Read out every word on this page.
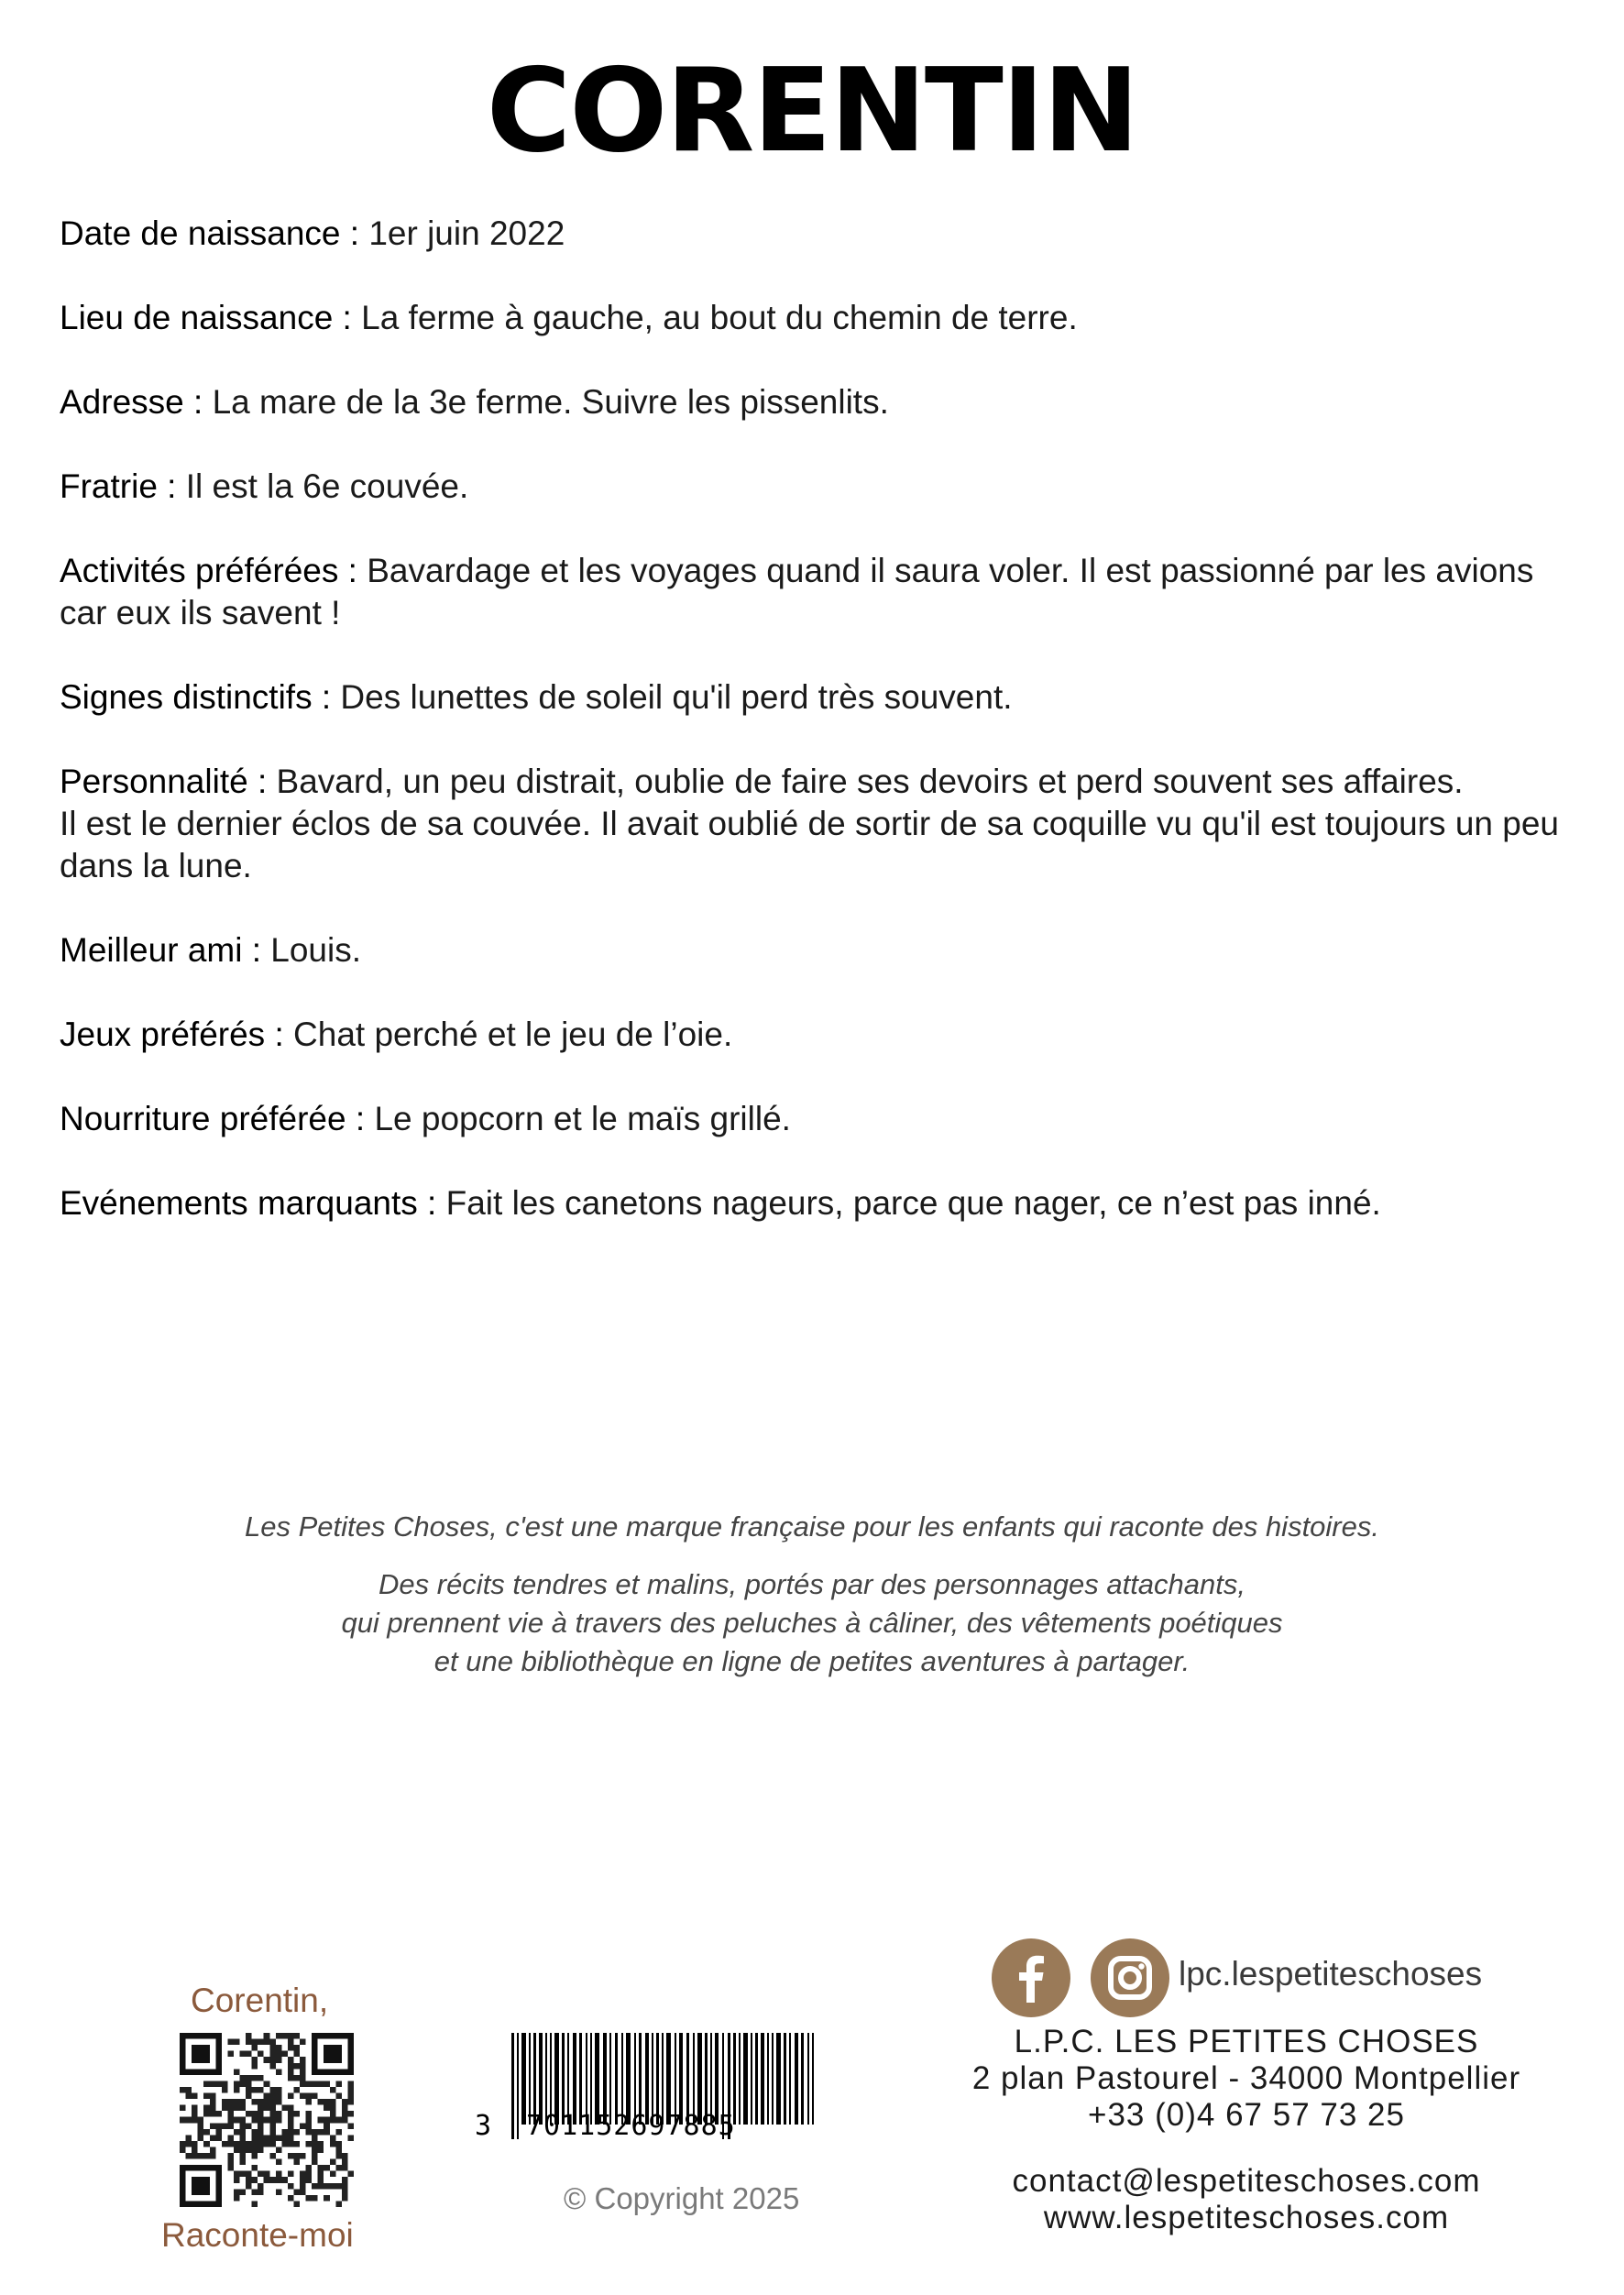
CORENTIN

Date de naissance : 1er juin 2022

Lieu de naissance : La ferme à gauche, au bout du chemin de terre.

Adresse : La mare de la 3e ferme. Suivre les pissenlits.

Fratrie : Il est la 6e couvée.

Activités préférées : Bavardage et les voyages quand il saura voler. Il est passionné par les avions car eux ils savent !

Signes distinctifs : Des lunettes de soleil qu'il perd très souvent.

Personnalité : Bavard, un peu distrait, oublie de faire ses devoirs et perd souvent ses affaires.
Il est le dernier éclos de sa couvée. Il avait oublié de sortir de sa coquille vu qu'il est toujours un peu dans la lune.

Meilleur ami : Louis.

Jeux préférés : Chat perché et le jeu de l’oie.

Nourriture préférée : Le popcorn et le maïs grillé.

Evénements marquants : Fait les canetons nageurs, parce que nager, ce n’est pas inné.

Les Petites Choses, c'est une marque française pour les enfants qui raconte des histoires.
Des récits tendres et malins, portés par des personnages attachants,
qui prennent vie à travers des peluches à câliner, des vêtements poétiques
et une bibliothèque en ligne de petites aventures à partager.
Corentin,
Raconte-moi
3 701152697885
© Copyright 2025
lpc.lespetiteschoses
L.P.C. LES PETITES CHOSES
2 plan Pastourel - 34000 Montpellier
+33 (0)4 67 57 73 25
contact@lespetiteschoses.com
www.lespetiteschoses.com
